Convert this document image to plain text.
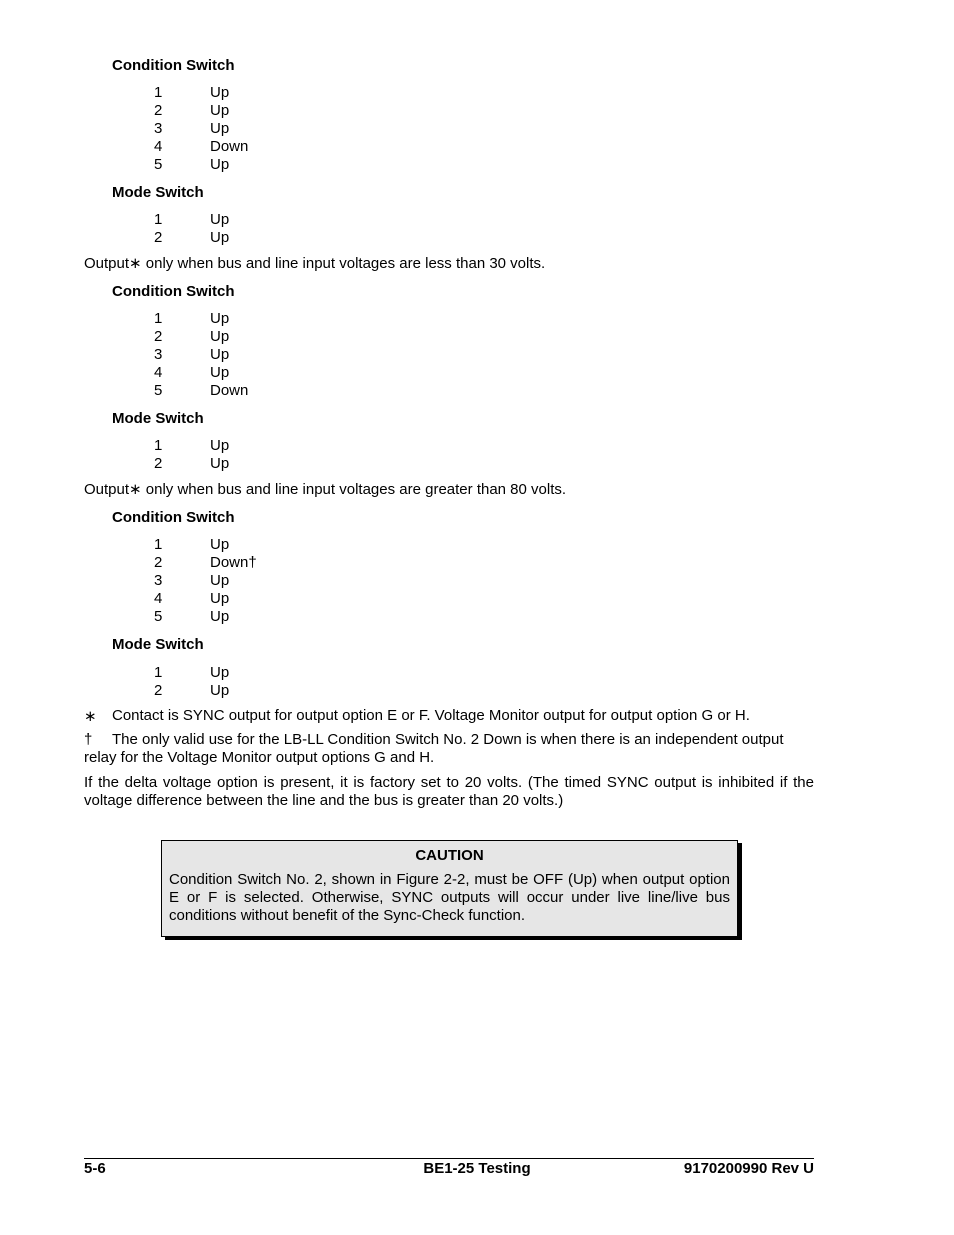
Condition Switch
1	Up
2	Up
3	Up
4	Down
5	Up
Mode Switch
1	Up
2	Up
Output∗ only when bus and line input voltages are less than 30 volts.
Condition Switch
1	Up
2	Up
3	Up
4	Up
5	Down
Mode Switch
1	Up
2	Up
Output∗ only when bus and line input voltages are greater than 80 volts.
Condition Switch
1	Up
2	Down†
3	Up
4	Up
5	Up
Mode Switch
1	Up
2	Up
∗ Contact is SYNC output for output option E or F. Voltage Monitor output for output option G or H.
† The only valid use for the LB-LL Condition Switch No. 2 Down is when there is an independent output
relay for the Voltage Monitor output options G and H.
If the delta voltage option is present, it is factory set to 20 volts. (The timed SYNC output is inhibited if the voltage difference between the line and the bus is greater than 20 volts.)
CAUTION
Condition Switch No. 2, shown in Figure 2-2, must be OFF (Up) when output option E or F is selected. Otherwise, SYNC outputs will occur under live line/live bus conditions without benefit of the Sync-Check function.
5-6	BE1-25 Testing	9170200990 Rev U
